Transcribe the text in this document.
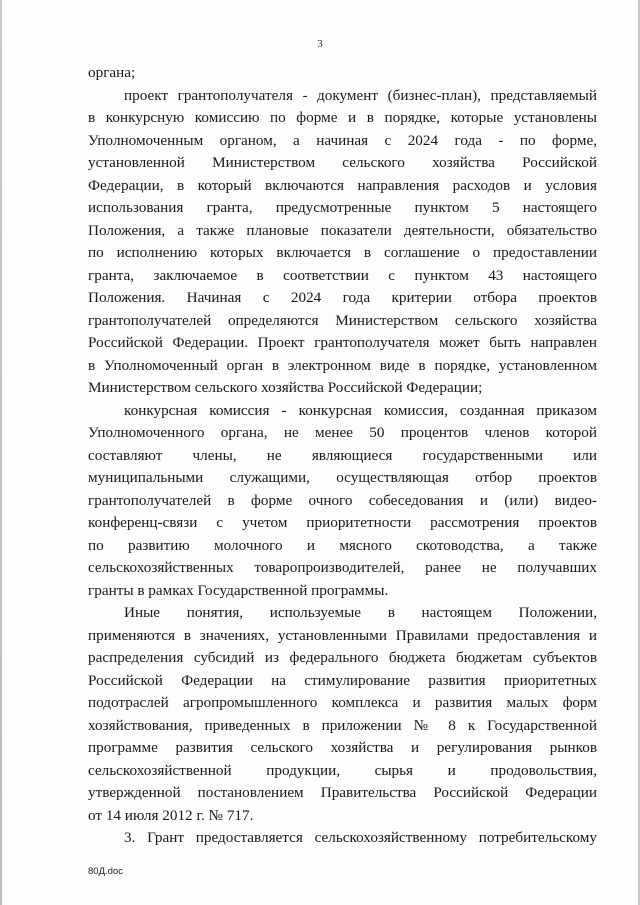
3
органа;
проект грантополучателя - документ (бизнес-план), представляемый
в конкурсную комиссию по форме и в порядке, которые установлены
Уполномоченным органом, а начиная с 2024 года - по форме,
установленной Министерством сельского хозяйства Российской
Федерации, в который включаются направления расходов и условия
использования гранта, предусмотренные пунктом 5 настоящего
Положения, а также плановые показатели деятельности, обязательство
по исполнению которых включается в соглашение о предоставлении
гранта, заключаемое в соответствии с пунктом 43 настоящего
Положения. Начиная с 2024 года критерии отбора проектов
грантополучателей определяются Министерством сельского хозяйства
Российской Федерации. Проект грантополучателя может быть направлен
в Уполномоченный орган в электронном виде в порядке, установленном
Министерством сельского хозяйства Российской Федерации;
конкурсная комиссия - конкурсная комиссия, созданная приказом
Уполномоченного органа, не менее 50 процентов членов которой
составляют члены, не являющиеся государственными или
муниципальными служащими, осуществляющая отбор проектов
грантополучателей в форме очного собеседования и (или) видео-
конференц-связи с учетом приоритетности рассмотрения проектов
по развитию молочного и мясного скотоводства, а также
сельскохозяйственных товаропроизводителей, ранее не получавших
гранты в рамках Государственной программы.
Иные понятия, используемые в настоящем Положении,
применяются в значениях, установленными Правилами предоставления и
распределения субсидий из федерального бюджета бюджетам субъектов
Российской Федерации на стимулирование развития приоритетных
подотраслей агропромышленного комплекса и развития малых форм
хозяйствования, приведенных в приложении № 8 к Государственной
программе развития сельского хозяйства и регулирования рынков
сельскохозяйственной продукции, сырья и продовольствия,
утвержденной постановлением Правительства Российской Федерации
от 14 июля 2012 г. № 717.
3. Грант предоставляется сельскохозяйственному потребительскому
80Д.doc
